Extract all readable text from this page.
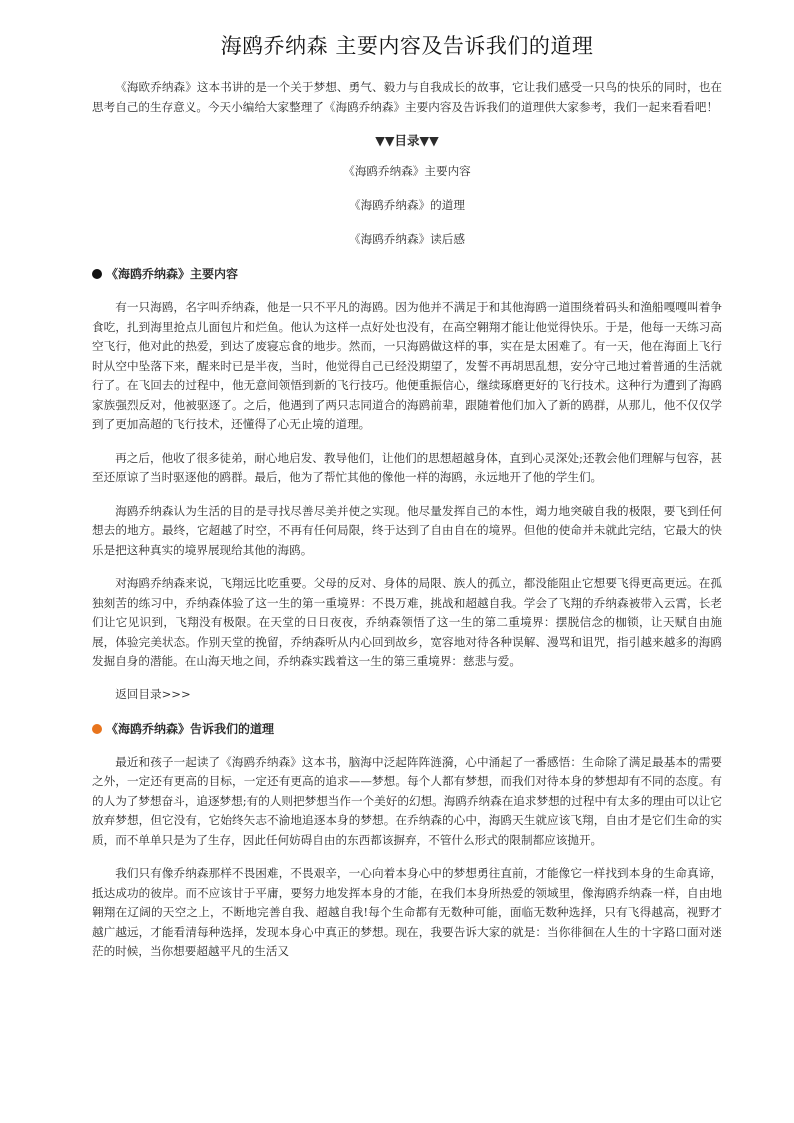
海鸥乔纳森 主要内容及告诉我们的道理

《海欧乔纳森》这本书讲的是一个关于梦想、勇气、毅力与自我成长的故事，它让我们感受一只鸟的快乐的同时，也在思考自己的生存意义。今天小编给大家整理了《海鸥乔纳森》主要内容及告诉我们的道理供大家参考，我们一起来看看吧！

▼▼目录▼▼
《海鸥乔纳森》主要内容
《海鸥乔纳森》的道理
《海鸥乔纳森》读后感
《海鸥乔纳森》主要内容

有一只海鸥，名字叫乔纳森，他是一只不平凡的海鸥。因为他并不满足于和其他海鸥一道围绕着码头和渔船嘎嘎叫着争食吃，扎到海里抢点儿面包片和烂鱼。他认为这样一点好处也没有，在高空翱翔才能让他觉得快乐。于是，他每一天练习高空飞行，他对此的热爱，到达了废寝忘食的地步。然而，一只海鸥做这样的事，实在是太困难了。有一天，他在海面上飞行时从空中坠落下来，醒来时已是半夜，当时，他觉得自己已经没期望了，发誓不再胡思乱想，安分守己地过着普通的生活就行了。在飞回去的过程中，他无意间领悟到新的飞行技巧。他便重振信心，继续琢磨更好的飞行技术。这种行为遭到了海鸥家族强烈反对，他被驱逐了。之后，他遇到了两只志同道合的海鸥前辈，跟随着他们加入了新的鸥群，从那儿，他不仅仅学到了更加高超的飞行技术，还懂得了心无止境的道理。

再之后，他收了很多徒弟，耐心地启发、教导他们，让他们的思想超越身体，直到心灵深处;还教会他们理解与包容，甚至还原谅了当时驱逐他的鸥群。最后，他为了帮忙其他的像他一样的海鸥，永远地开了他的学生们。

海鸥乔纳森认为生活的目的是寻找尽善尽美并使之实现。他尽量发挥自己的本性，竭力地突破自我的极限，要飞到任何想去的地方。最终，它超越了时空，不再有任何局限，终于达到了自由自在的境界。但他的使命并未就此完结，它最大的快乐是把这种真实的境界展现给其他的海鸥。

对海鸥乔纳森来说，飞翔远比吃重要。父母的反对、身体的局限、族人的孤立，都没能阻止它想要飞得更高更远。在孤独刻苦的练习中，乔纳森体验了这一生的第一重境界：不畏万难，挑战和超越自我。学会了飞翔的乔纳森被带入云霄，长老们让它见识到，飞翔没有极限。在天堂的日日夜夜，乔纳森领悟了这一生的第二重境界：摆脱信念的枷锁，让天赋自由施展，体验完美状态。作别天堂的挽留，乔纳森听从内心回到故乡，宽容地对待各种误解、漫骂和诅咒，指引越来越多的海鸥发掘自身的潜能。在山海天地之间，乔纳森实践着这一生的第三重境界：慈悲与爱。

返回目录>>>
《海鸥乔纳森》告诉我们的道理

最近和孩子一起读了《海鸥乔纳森》这本书，脑海中泛起阵阵涟漪，心中涌起了一番感悟：生命除了满足最基本的需要之外，一定还有更高的目标，一定还有更高的追求——梦想。每个人都有梦想，而我们对待本身的梦想却有不同的态度。有的人为了梦想奋斗，追逐梦想;有的人则把梦想当作一个美好的幻想。海鸥乔纳森在追求梦想的过程中有太多的理由可以让它放弃梦想，但它没有，它始终矢志不渝地追逐本身的梦想。在乔纳森的心中，海鸥天生就应该飞翔，自由才是它们生命的实质，而不单单只是为了生存，因此任何妨碍自由的东西都该摒弃，不管什么形式的限制都应该抛开。

我们只有像乔纳森那样不畏困难，不畏艰辛，一心向着本身心中的梦想勇往直前，才能像它一样找到本身的生命真谛，抵达成功的彼岸。而不应该甘于平庸，要努力地发挥本身的才能，在我们本身所热爱的领域里，像海鸥乔纳森一样，自由地翱翔在辽阔的天空之上，不断地完善自我、超越自我!每个生命都有无数种可能，面临无数种选择，只有飞得越高，视野才越广越远，才能看清每种选择，发现本身心中真正的梦想。现在，我要告诉大家的就是：当你徘徊在人生的十字路口面对迷茫的时候，当你想要超越平凡的生活又
